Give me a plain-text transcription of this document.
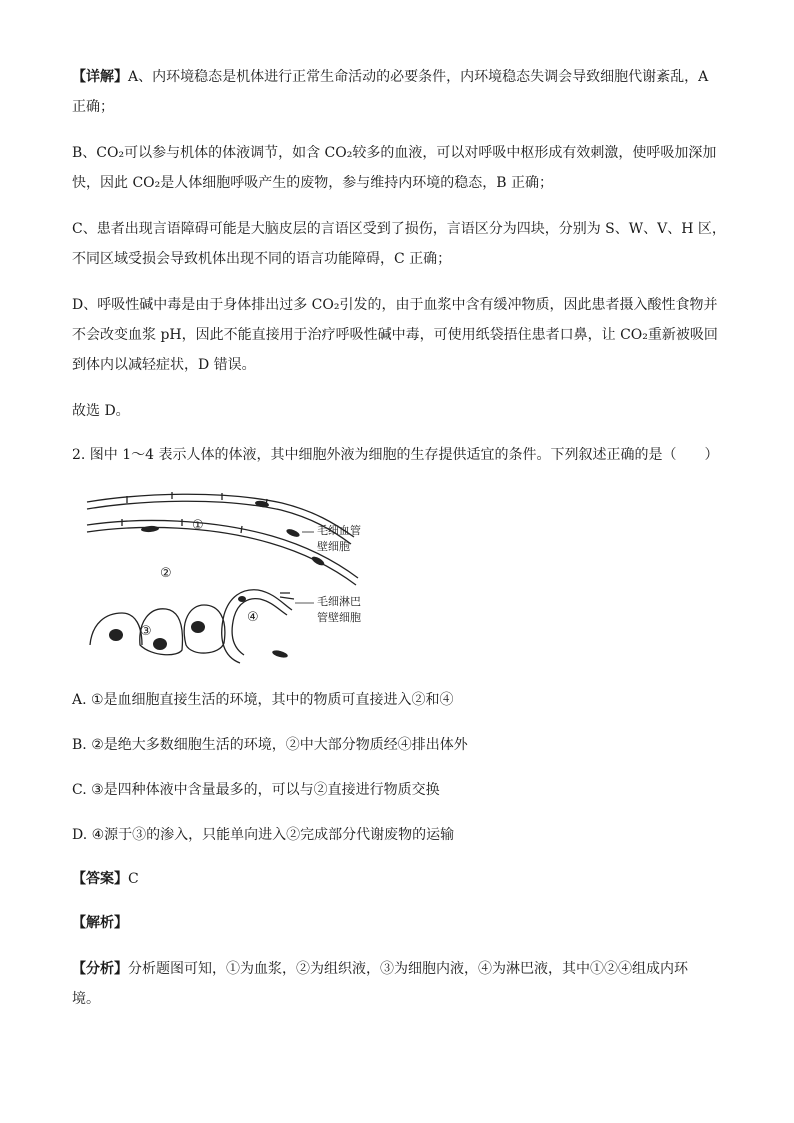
【详解】A、内环境稳态是机体进行正常生命活动的必要条件，内环境稳态失调会导致细胞代谢紊乱，A
正确；
B、CO₂可以参与机体的体液调节，如含 CO₂较多的血液，可以对呼吸中枢形成有效刺激，使呼吸加深加
快，因此 CO₂是人体细胞呼吸产生的废物，参与维持内环境的稳态，B 正确；
C、患者出现言语障碍可能是大脑皮层的言语区受到了损伤，言语区分为四块，分别为 S、W、V、H 区，
不同区域受损会导致机体出现不同的语言功能障碍，C 正确；
D、呼吸性碱中毒是由于身体排出过多 CO₂引发的，由于血浆中含有缓冲物质，因此患者摄入酸性食物并
不会改变血浆 pH，因此不能直接用于治疗呼吸性碱中毒，可使用纸袋捂住患者口鼻，让 CO₂重新被吸回
到体内以减轻症状，D 错误。
故选 D。
2. 图中 1～4 表示人体的体液，其中细胞外液为细胞的生存提供适宜的条件。下列叙述正确的是（　　）
①
②
③
④
毛细血管
壁细胞
毛细淋巴
管壁细胞
A. ①是血细胞直接生活的环境，其中的物质可直接进入②和④
B. ②是绝大多数细胞生活的环境，②中大部分物质经④排出体外
C. ③是四种体液中含量最多的，可以与②直接进行物质交换
D. ④源于③的渗入，只能单向进入②完成部分代谢废物的运输
【答案】C
【解析】
【分析】分析题图可知，①为血浆，②为组织液，③为细胞内液，④为淋巴液，其中①②④组成内环
境。
